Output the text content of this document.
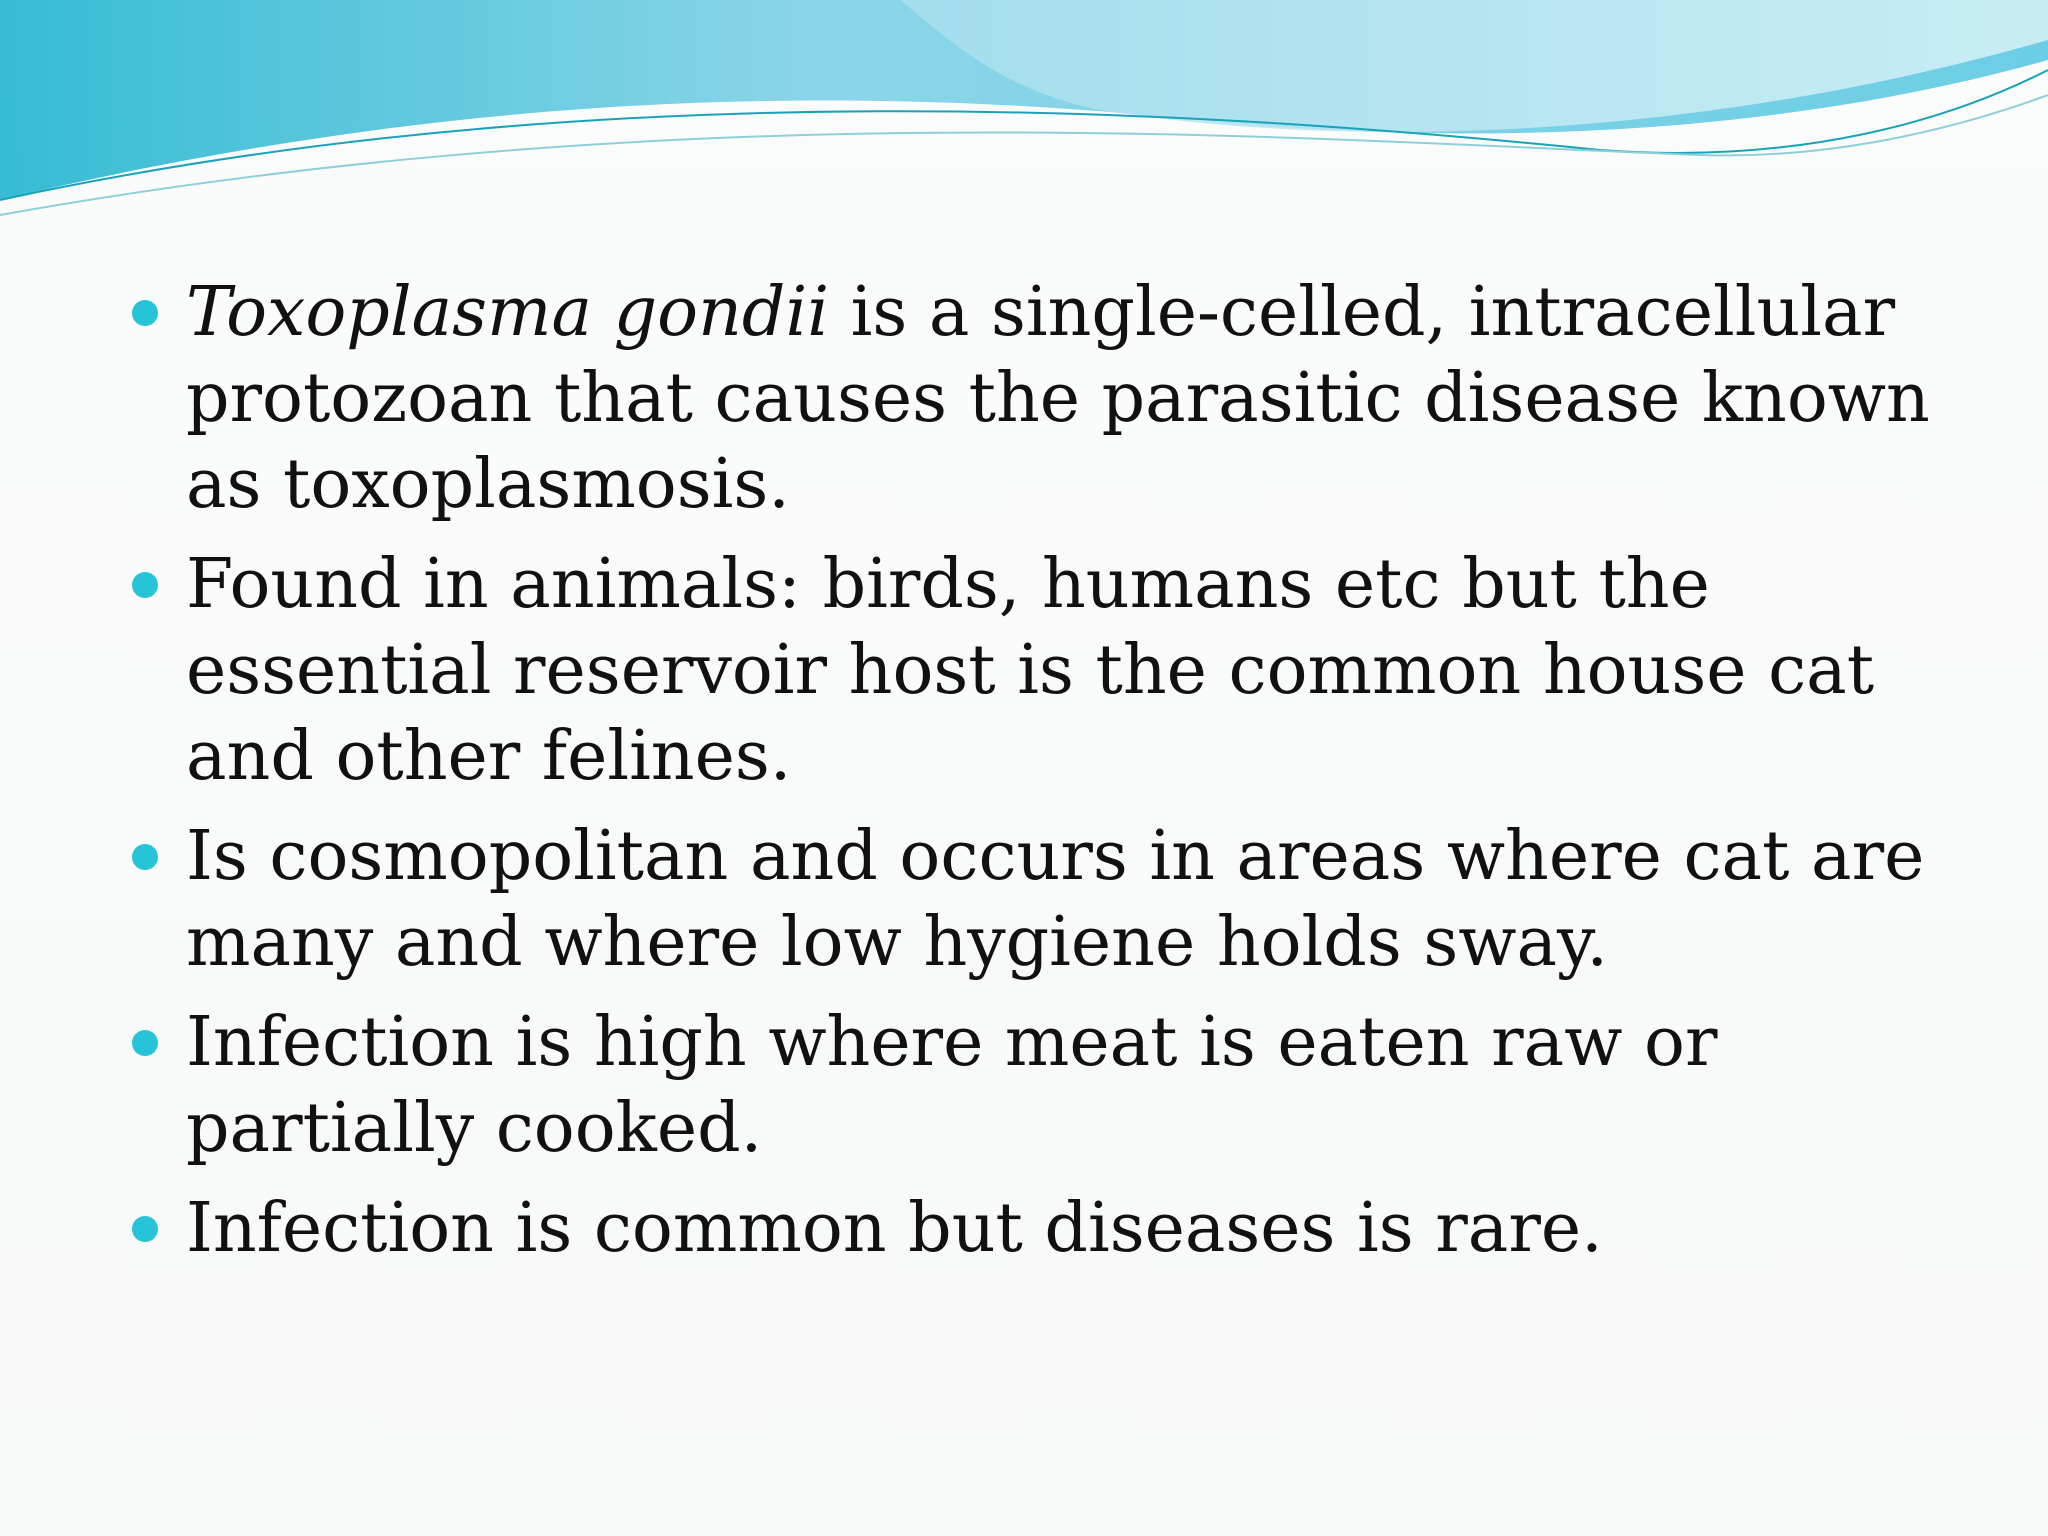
Toxoplasma gondii is a single-celled, intracellular protozoan that causes the parasitic disease known as toxoplasmosis.
Found in animals: birds, humans etc but the essential reservoir host is the common house cat and other felines.
Is cosmopolitan and occurs in areas where cat are many and where low hygiene holds sway.
Infection is high where meat is eaten raw or partially cooked.
Infection is common but diseases is rare.
